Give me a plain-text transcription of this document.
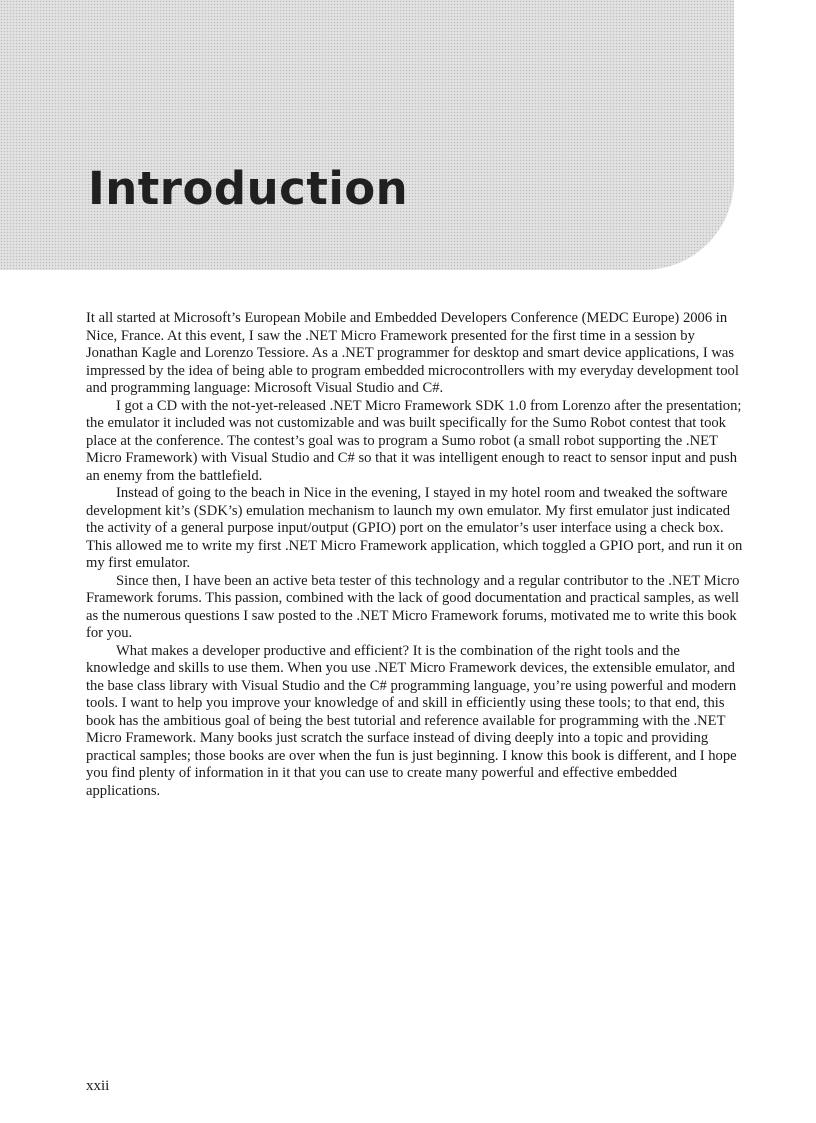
Introduction

It all started at Microsoft’s European Mobile and Embedded Developers Conference (MEDC Europe) 2006 in Nice, France. At this event, I saw the .NET Micro Framework presented for the first time in a session by Jonathan Kagle and Lorenzo Tessiore. As a .NET programmer for desktop and smart device applications, I was impressed by the idea of being able to program embedded microcontrollers with my everyday development tool and programming language: Microsoft Visual Studio and C#.

I got a CD with the not-yet-released .NET Micro Framework SDK 1.0 from Lorenzo after the presentation; the emulator it included was not customizable and was built specifically for the Sumo Robot contest that took place at the conference. The contest’s goal was to program a Sumo robot (a small robot supporting the .NET Micro Framework) with Visual Studio and C# so that it was intelligent enough to react to sensor input and push an enemy from the battlefield.

Instead of going to the beach in Nice in the evening, I stayed in my hotel room and tweaked the software development kit’s (SDK’s) emulation mechanism to launch my own emulator. My first emulator just indicated the activity of a general purpose input/output (GPIO) port on the emulator’s user interface using a check box. This allowed me to write my first .NET Micro Framework application, which toggled a GPIO port, and run it on my first emulator.

Since then, I have been an active beta tester of this technology and a regular contributor to the .NET Micro Framework forums. This passion, combined with the lack of good documentation and practical samples, as well as the numerous questions I saw posted to the .NET Micro Framework forums, motivated me to write this book for you.

What makes a developer productive and efficient? It is the combination of the right tools and the knowledge and skills to use them. When you use .NET Micro Framework devices, the extensible emulator, and the base class library with Visual Studio and the C# programming language, you’re using powerful and modern tools. I want to help you improve your knowledge of and skill in efficiently using these tools; to that end, this book has the ambitious goal of being the best tutorial and reference available for programming with the .NET Micro Framework. Many books just scratch the surface instead of diving deeply into a topic and providing practical samples; those books are over when the fun is just beginning. I know this book is different, and I hope you find plenty of information in it that you can use to create many powerful and effective embedded applications.

xxii
